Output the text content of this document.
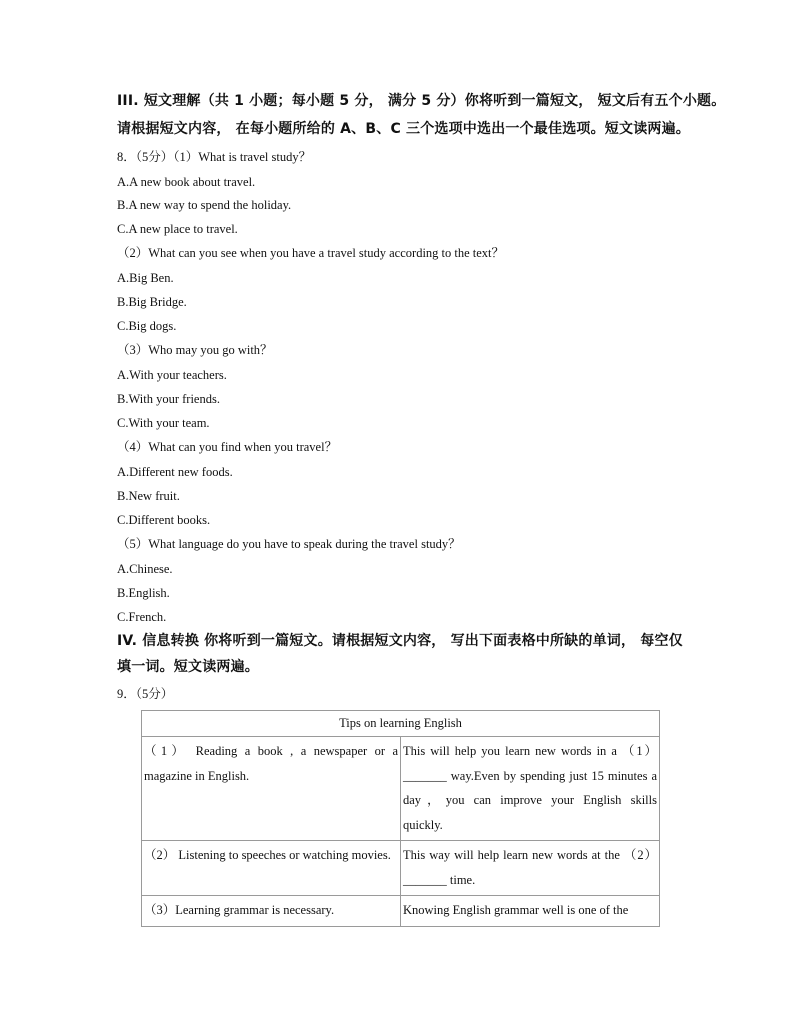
III. 短文理解（共 1 小题；每小题 5 分， 满分 5 分）你将听到一篇短文， 短文后有五个小题。
请根据短文内容， 在每小题所给的 A、B、C 三个选项中选出一个最佳选项。短文读两遍。
8．（5分）（1）What is travel study？
A.A new book about travel.
B.A new way to spend the holiday.
C.A new place to travel.
（2）What can you see when you have a travel study according to the text？
A.Big Ben.
B.Big Bridge.
C.Big dogs.
（3）Who may you go with？
A.With your teachers.
B.With your friends.
C.With your team.
（4）What can you find when you travel？
A.Different new foods.
B.New fruit.
C.Different books.
（5）What language do you have to speak during the travel study？
A.Chinese.
B.English.
C.French.
IV. 信息转换 你将听到一篇短文。请根据短文内容， 写出下面表格中所缺的单词， 每空仅
填一词。短文读两遍。
9．（5分）
Tips on learning English	
（1） Reading a book , a newspaper or a magazine in English.	This will help you learn new words in a （1）_______ way.Even by spending just 15 minutes a day，you can improve your English skills quickly.
（2） Listening to speeches or watching movies.	This way will help learn new words at the （2）_______ time.
（3）Learning grammar is necessary.	Knowing English grammar well is one of the
